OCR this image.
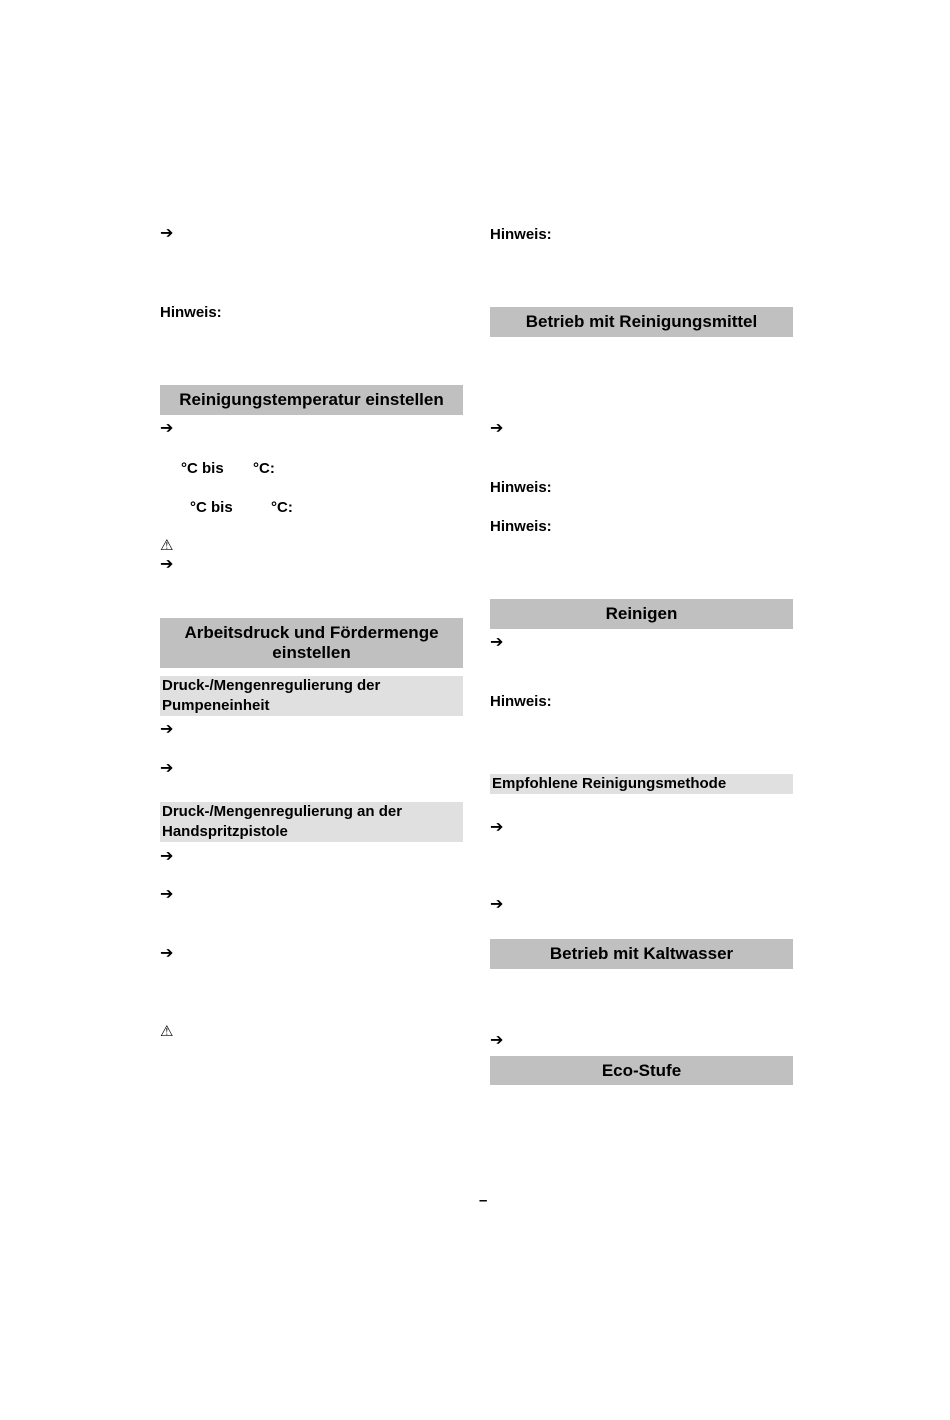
➔
Hinweis:
Reinigungstemperatur einstellen
➔
°C bis °C:
°C bis	°C:
⚠
➔
Arbeitsdruck und Fördermenge einstellen
Druck-/Mengenregulierung der Pumpeneinheit
➔
➔
Druck-/Mengenregulierung an der Handspritzpistole
➔
➔
➔
⚠
Hinweis:
Betrieb mit Reinigungsmittel
➔
Hinweis:
Hinweis:
Reinigen
➔
Hinweis:
Empfohlene Reinigungsmethode
➔
➔
Betrieb mit Kaltwasser
➔
Eco-Stufe
–
